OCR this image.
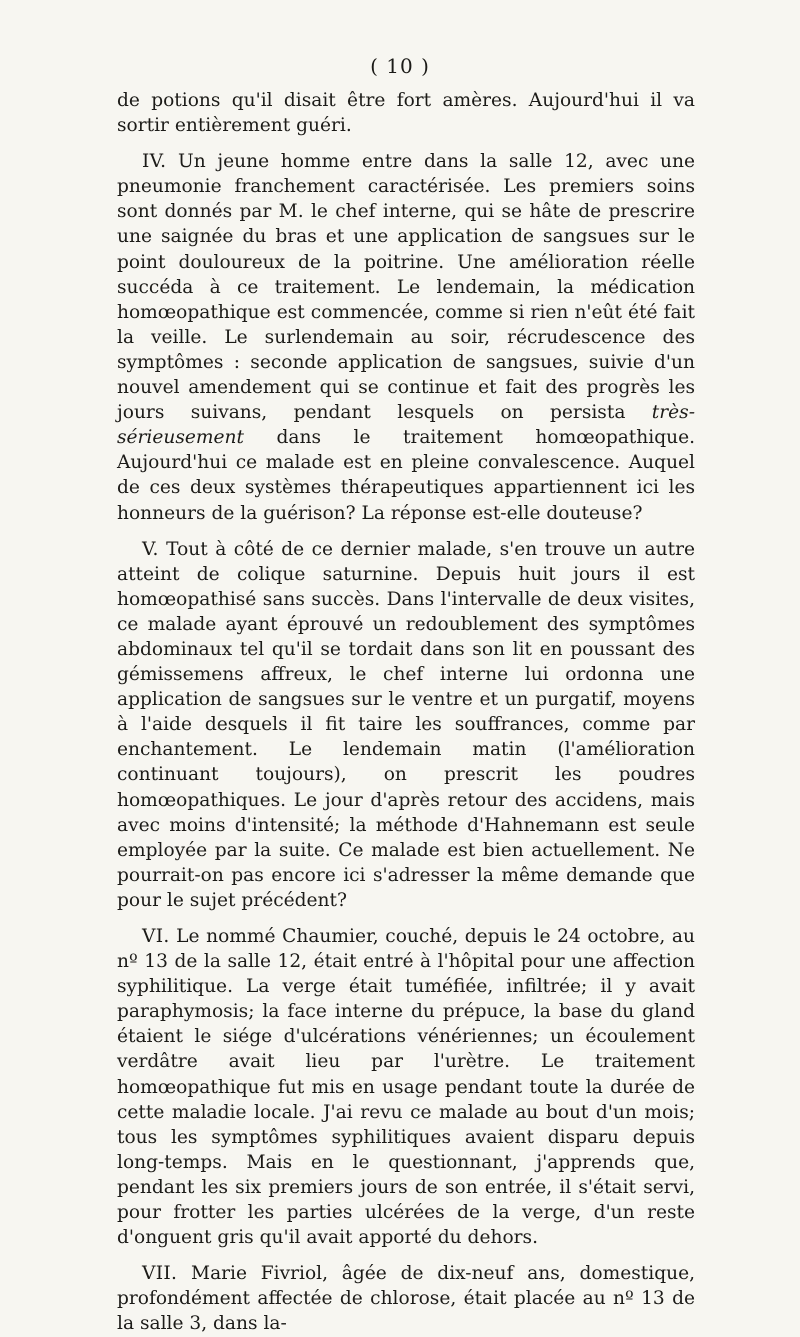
( 10 )

de potions qu'il disait être fort amères. Aujourd'hui il va sortir entièrement guéri.

IV. Un jeune homme entre dans la salle 12, avec une pneumonie franchement caractérisée. Les premiers soins sont donnés par M. le chef interne, qui se hâte de prescrire une saignée du bras et une application de sangsues sur le point douloureux de la poitrine. Une amélioration réelle succéda à ce traitement. Le lendemain, la médication homœopathique est commencée, comme si rien n'eût été fait la veille. Le surlendemain au soir, récrudescence des symptômes : seconde application de sangsues, suivie d'un nouvel amendement qui se continue et fait des progrès les jours suivans, pendant lesquels on persista très-sérieusement dans le traitement homœopathique. Aujourd'hui ce malade est en pleine convalescence. Auquel de ces deux systèmes thérapeutiques appartiennent ici les honneurs de la guérison? La réponse est-elle douteuse?

V. Tout à côté de ce dernier malade, s'en trouve un autre atteint de colique saturnine. Depuis huit jours il est homœopathisé sans succès. Dans l'intervalle de deux visites, ce malade ayant éprouvé un redoublement des symptômes abdominaux tel qu'il se tordait dans son lit en poussant des gémissemens affreux, le chef interne lui ordonna une application de sangsues sur le ventre et un purgatif, moyens à l'aide desquels il fit taire les souffrances, comme par enchantement. Le lendemain matin (l'amélioration continuant toujours), on prescrit les poudres homœopathiques. Le jour d'après retour des accidens, mais avec moins d'intensité; la méthode d'Hahnemann est seule employée par la suite. Ce malade est bien actuellement. Ne pourrait-on pas encore ici s'adresser la même demande que pour le sujet précédent?

VI. Le nommé Chaumier, couché, depuis le 24 octobre, au nº 13 de la salle 12, était entré à l'hôpital pour une affection syphilitique. La verge était tuméfiée, infiltrée; il y avait paraphymosis; la face interne du prépuce, la base du gland étaient le siége d'ulcérations vénériennes; un écoulement verdâtre avait lieu par l'urètre. Le traitement homœopathique fut mis en usage pendant toute la durée de cette maladie locale. J'ai revu ce malade au bout d'un mois; tous les symptômes syphilitiques avaient disparu depuis long-temps. Mais en le questionnant, j'apprends que, pendant les six premiers jours de son entrée, il s'était servi, pour frotter les parties ulcérées de la verge, d'un reste d'onguent gris qu'il avait apporté du dehors.

VII. Marie Fivriol, âgée de dix-neuf ans, domestique, profondément affectée de chlorose, était placée au nº 13 de la salle 3, dans la-
